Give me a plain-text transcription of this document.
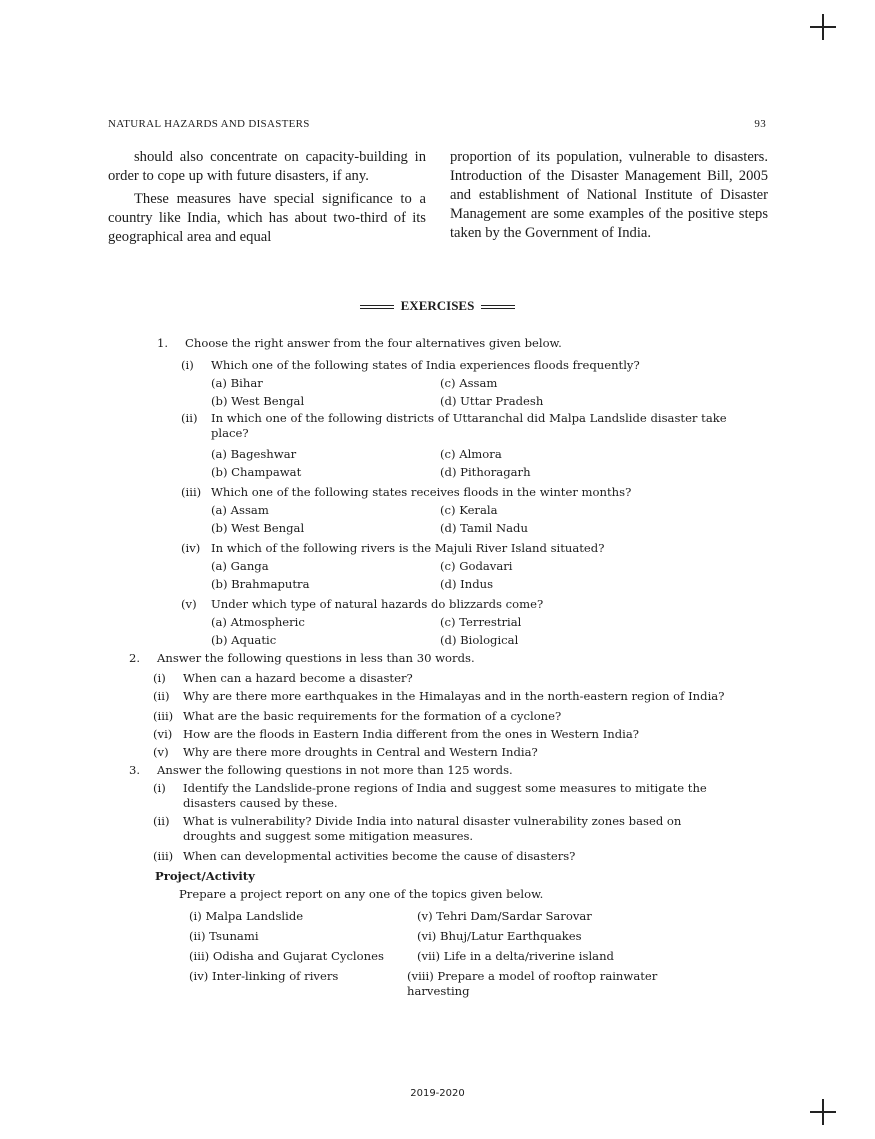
NATURAL HAZARDS AND DISASTERS	93

should also concentrate on capacity-building in order to cope up with future disasters, if any.

These measures have special significance to a country like India, which has about two-third of its geographical area and equal

proportion of its population, vulnerable to disasters. Introduction of the Disaster Management Bill, 2005 and establishment of National Institute of Disaster Management are some examples of the positive steps taken by the Government of India.

EXERCISES
1. Choose the right answer from the four alternatives given below.
(i) Which one of the following states of India experiences floods frequently?
(a) Bihar
(b) West Bengal
(c) Assam
(d) Uttar Pradesh
(ii) In which one of the following districts of Uttaranchal did Malpa Landslide disaster take place?
(a) Bageshwar
(b) Champawat
(c) Almora
(d) Pithoragarh
(iii) Which one of the following states receives floods in the winter months?
(a) Assam
(b) West Bengal
(c) Kerala
(d) Tamil Nadu
(iv) In which of the following rivers is the Majuli River Island situated?
(a) Ganga
(b) Brahmaputra
(c) Godavari
(d) Indus
(v) Under which type of natural hazards do blizzards come?
(a) Atmospheric
(b) Aquatic
(c) Terrestrial
(d) Biological
2. Answer the following questions in less than 30 words.
(i) When can a hazard become a disaster?
(ii) Why are there more earthquakes in the Himalayas and in the north-eastern region of India?
(iii) What are the basic requirements for the formation of a cyclone?
(vi) How are the floods in Eastern India different from the ones in Western India?
(v) Why are there more droughts in Central and Western India?
3. Answer the following questions in not more than 125 words.
(i) Identify the Landslide-prone regions of India and suggest some measures to mitigate the disasters caused by these.
(ii) What is vulnerability? Divide India into natural disaster vulnerability zones based on droughts and suggest some mitigation measures.
(iii) When can developmental activities become the cause of disasters?
Project/Activity
Prepare a project report on any one of the topics given below.
(i) Malpa Landslide
(ii) Tsunami
(iii) Odisha and Gujarat Cyclones
(iv) Inter-linking of rivers
(v) Tehri Dam/Sardar Sarovar
(vi) Bhuj/Latur Earthquakes
(vii) Life in a delta/riverine island
(viii) Prepare a model of rooftop rainwater harvesting
2019-2020
